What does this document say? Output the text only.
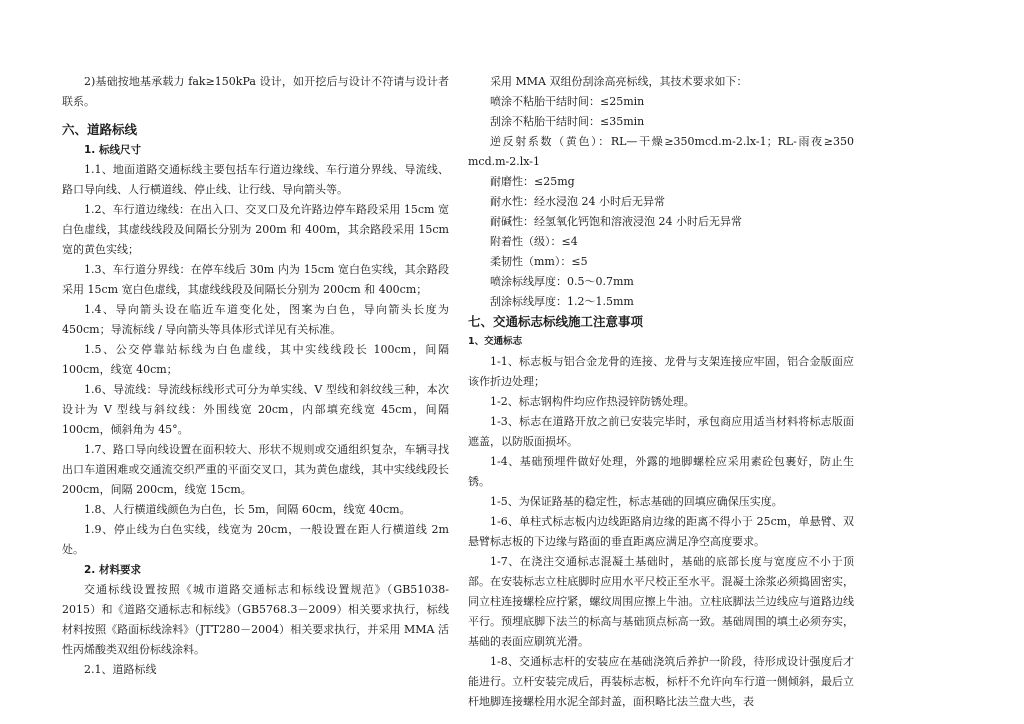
2)基础按地基承载力 fak≥150kPa 设计，如开挖后与设计不符请与设计者联系。

六、道路标线

1. 标线尺寸

1.1、地面道路交通标线主要包括车行道边缘线、车行道分界线、导流线、路口导向线、人行横道线、停止线、让行线、导向箭头等。

1.2、车行道边缘线：在出入口、交叉口及允许路边停车路段采用 15cm 宽白色虚线，其虚线线段及间隔长分别为 200m 和 400m，其余路段采用 15cm 宽的黄色实线；

1.3、车行道分界线：在停车线后 30m 内为 15cm 宽白色实线，其余路段采用 15cm 宽白色虚线，其虚线线段及间隔长分别为 200cm 和 400cm；

1.4、导向箭头设在临近车道变化处，图案为白色，导向箭头长度为 450cm；导流标线 / 导向箭头等具体形式详见有关标准。

1.5、公交停靠站标线为白色虚线，其中实线线段长 100cm，间隔 100cm，线宽 40cm；

1.6、导流线：导流线标线形式可分为单实线、V 型线和斜纹线三种，本次设计为 V 型线与斜纹线：外围线宽 20cm，内部填充线宽 45cm，间隔 100cm，倾斜角为 45°。

1.7、路口导向线设置在面积较大、形状不规则或交通组织复杂，车辆寻找出口车道困难或交通流交织严重的平面交叉口，其为黄色虚线，其中实线线段长 200cm，间隔 200cm，线宽 15cm。

1.8、人行横道线颜色为白色，长 5m，间隔 60cm，线宽 40cm。

1.9、停止线为白色实线，线宽为 20cm，一般设置在距人行横道线 2m 处。

2. 材料要求

交通标线设置按照《城市道路交通标志和标线设置规范》（GB51038-2015）和《道路交通标志和标线》（GB5768.3－2009）相关要求执行，标线材料按照《路面标线涂料》（JTT280－2004）相关要求执行，并采用 MMA 活性丙烯酸类双组份标线涂料。

2.1、道路标线

采用 MMA 双组份刮涂高亮标线，其技术要求如下：

喷涂不粘胎干结时间：≤25min

刮涂不粘胎干结时间：≤35min

逆反射系数（黄色）：RL—干燥≥350mcd.m-2.lx-1；RL-雨夜≥350 mcd.m-2.lx-1

耐磨性：≤25mg

耐水性：经水浸泡 24 小时后无异常

耐碱性：经氢氧化钙饱和溶液浸泡 24 小时后无异常

附着性（级）：≤4

柔韧性（mm）：≤5

喷涂标线厚度：0.5～0.7mm

刮涂标线厚度：1.2～1.5mm

七、交通标志标线施工注意事项

1、交通标志

1-1、标志板与铝合金龙骨的连接、龙骨与支架连接应牢固，铝合金版面应该作折边处理；

1-2、标志钢构件均应作热浸锌防锈处理。

1-3、标志在道路开放之前已安装完毕时，承包商应用适当材料将标志版面遮盖，以防版面损坏。

1-4、基础预埋件做好处理，外露的地脚螺栓应采用素砼包裹好，防止生锈。

1-5、为保证路基的稳定性，标志基础的回填应确保压实度。

1-6、单柱式标志板内边线距路肩边缘的距离不得小于 25cm，单悬臂、双悬臂标志板的下边缘与路面的垂直距离应满足净空高度要求。

1-7、在浇注交通标志混凝土基础时，基础的底部长度与宽度应不小于顶部。在安装标志立柱底脚时应用水平尺校正至水平。混凝土涂浆必须捣固密实，同立柱连接螺栓应拧紧，螺纹周围应擦上牛油。立柱底脚法兰边线应与道路边线平行。预埋底脚下法兰的标高与基础顶点标高一致。基础周围的填土必须夯实，基础的表面应刷筑光滑。

1-8、交通标志杆的安装应在基础浇筑后养护一阶段，待形成设计强度后才能进行。立杆安装完成后，再装标志板，标杆不允许向车行道一侧倾斜，最后立杆地脚连接螺栓用水泥全部封盖，面积略比法兰盘大些，表
